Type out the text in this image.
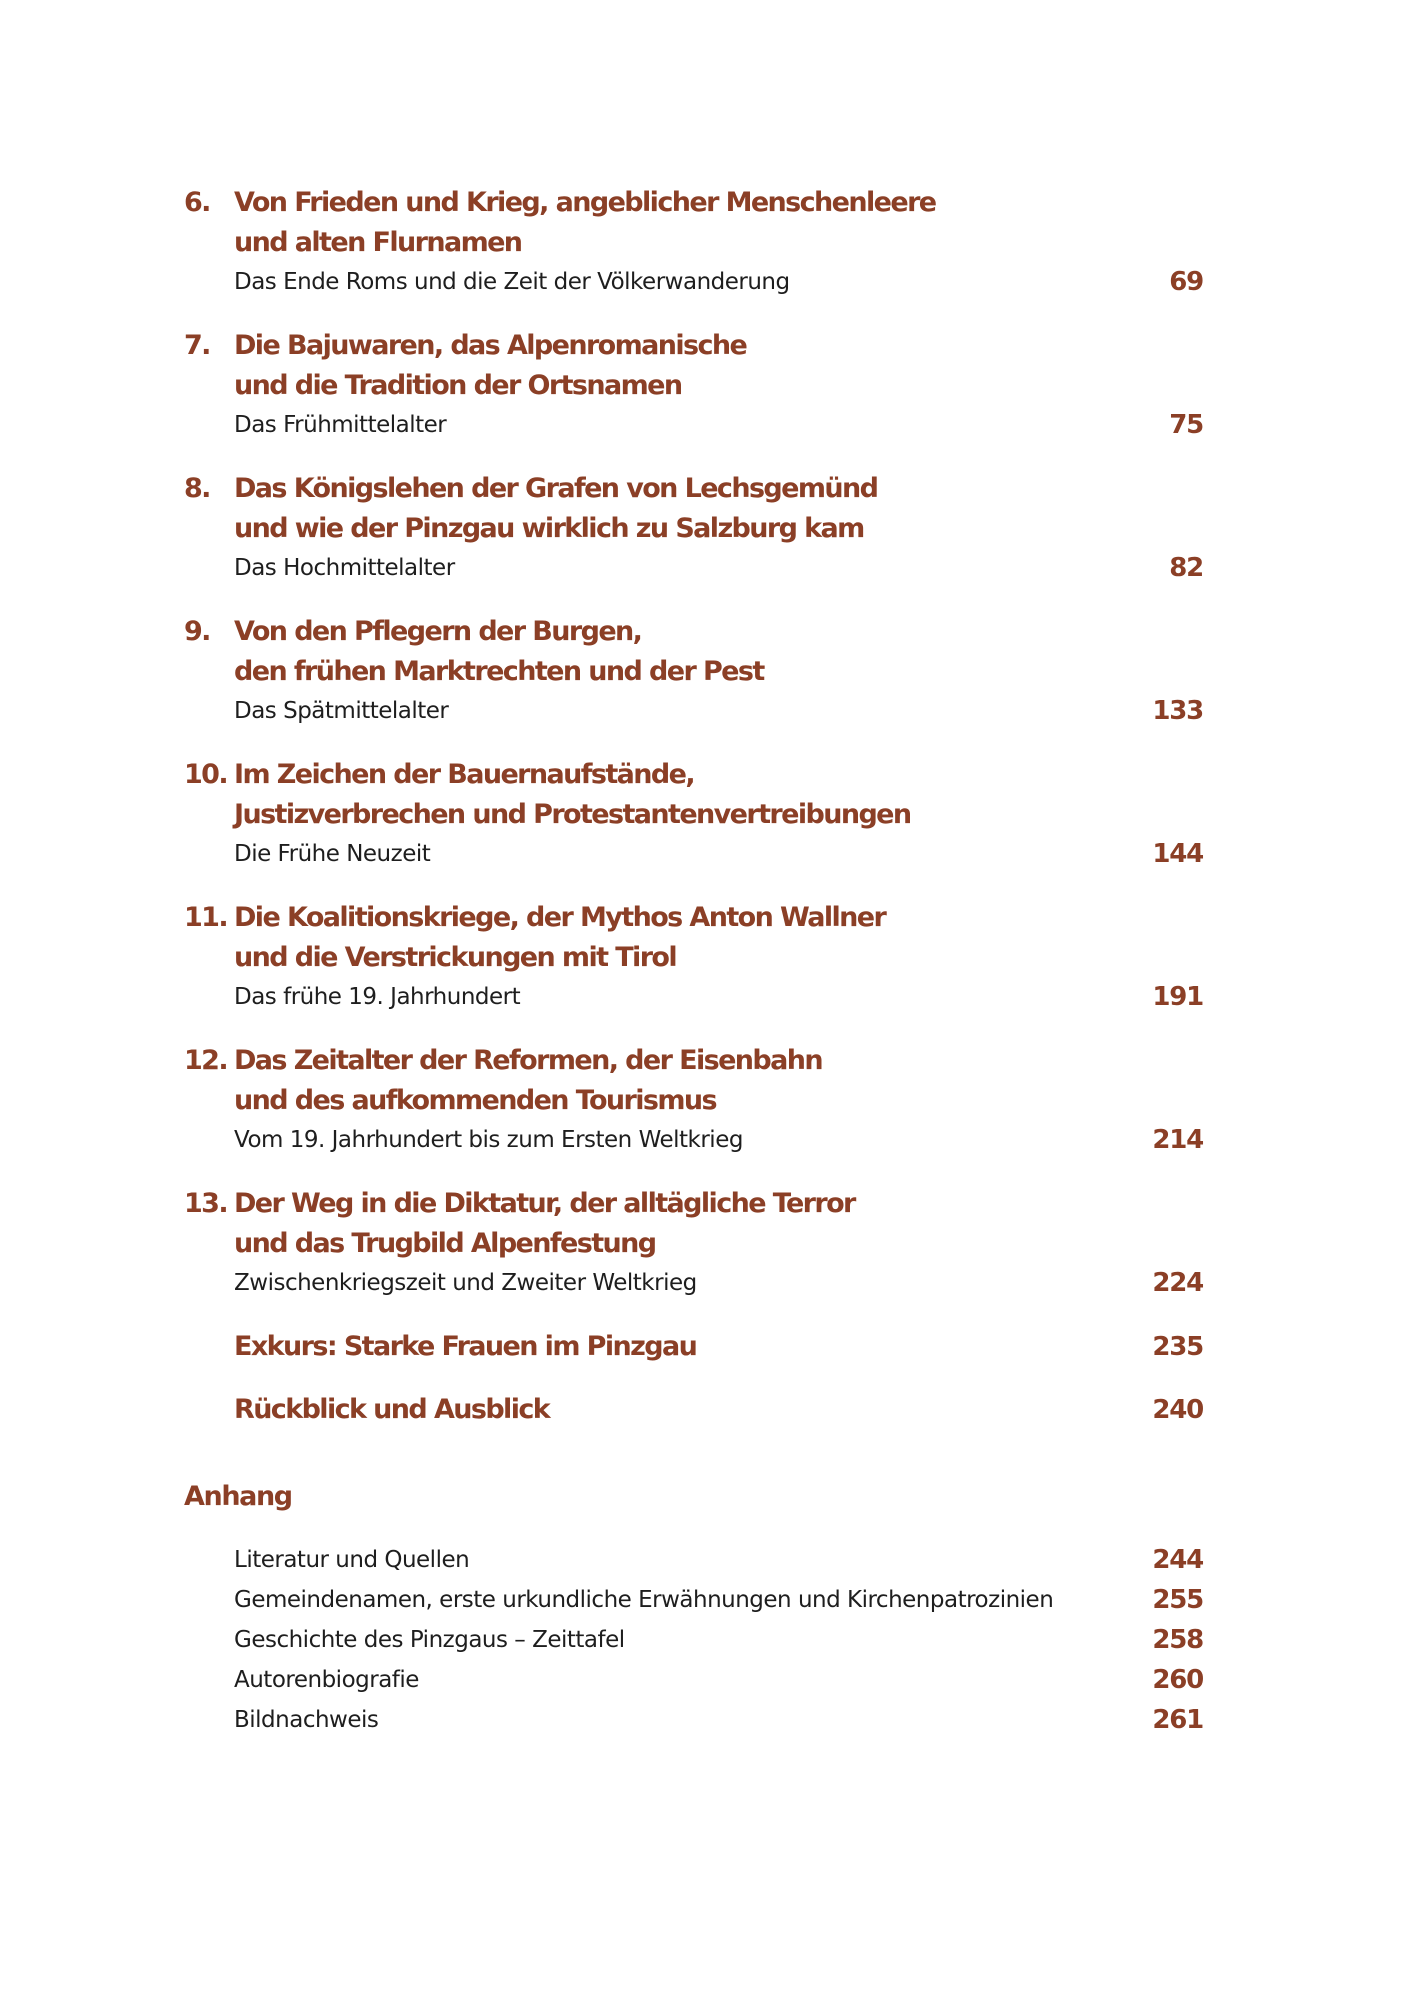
6. Von Frieden und Krieg, angeblicher Menschenleere
und alten Flurnamen
Das Ende Roms und die Zeit der Völkerwanderung	69
7. Die Bajuwaren, das Alpenromanische
und die Tradition der Ortsnamen
Das Frühmittelalter	75
8. Das Königslehen der Grafen von Lechsgemünd
und wie der Pinzgau wirklich zu Salzburg kam
Das Hochmittelalter	82
9. Von den Pflegern der Burgen,
den frühen Marktrechten und der Pest
Das Spätmittelalter	133
10. Im Zeichen der Bauernaufstände,
Justizverbrechen und Protestantenvertreibungen
Die Frühe Neuzeit	144
11. Die Koalitionskriege, der Mythos Anton Wallner
und die Verstrickungen mit Tirol
Das frühe 19. Jahrhundert	191
12. Das Zeitalter der Reformen, der Eisenbahn
und des aufkommenden Tourismus
Vom 19. Jahrhundert bis zum Ersten Weltkrieg	214
13. Der Weg in die Diktatur, der alltägliche Terror
und das Trugbild Alpenfestung
Zwischenkriegszeit und Zweiter Weltkrieg	224
Exkurs: Starke Frauen im Pinzgau	235
Rückblick und Ausblick	240
Anhang
Literatur und Quellen	244
Gemeindenamen, erste urkundliche Erwähnungen und Kirchenpatrozinien	255
Geschichte des Pinzgaus – Zeittafel	258
Autorenbiografie	260
Bildnachweis	261
